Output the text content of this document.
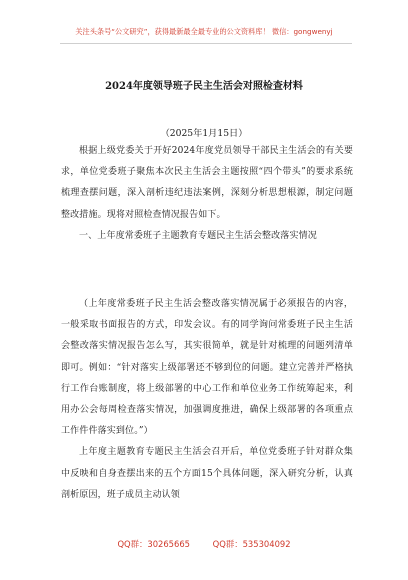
关注头条号“公文研究”，获得最新最全最专业的公文资料库！ 微信：gongwenyj
2024年度领导班子民主生活会对照检查材料
（2025年1月15日）

根据上级党委关于开好2024年度党员领导干部民主生活会的有关要求，单位党委班子聚焦本次民主生活会主题按照“四个带头”的要求系统梳理查摆问题，深入剖析违纪违法案例，深刻分析思想根源，制定问题整改措施。现将对照检查情况报告如下。

一、上年度常委班子主题教育专题民主生活会整改落实情况

（上年度常委班子民主生活会整改落实情况属于必须报告的内容，一般采取书面报告的方式，印发会议。有的同学询问常委班子民主生活会整改落实情况报告怎么写，其实很简单，就是针对梳理的问题列清单即可。例如：“针对落实上级部署还不够到位的问题。建立完善并严格执行工作台账制度，将上级部署的中心工作和单位业务工作统筹起来，利用办公会每周检查落实情况，加强调度推进，确保上级部署的各项重点工作件件落实到位。”）

上年度主题教育专题民主生活会召开后，单位党委班子针对群众集中反映和自身查摆出来的五个方面15个具体问题，深入研究分析，认真剖析原因，班子成员主动认领

QQ群：30265665	QQ群：535304092
